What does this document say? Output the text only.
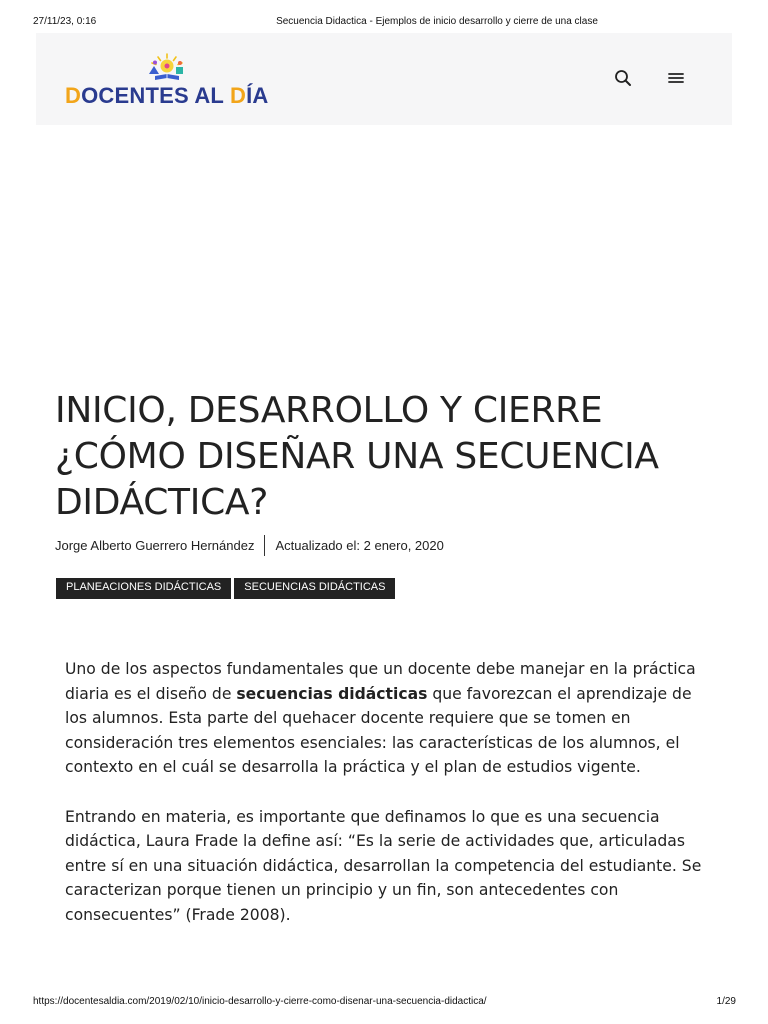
27/11/23, 0:16	Secuencia Didactica - Ejemplos de inicio desarrollo y cierre de una clase
DOCENTES AL DÍA
INICIO, DESARROLLO Y CIERRE ¿CÓMO DISEÑAR UNA SECUENCIA DIDÁCTICA?
Jorge Alberto Guerrero Hernández Actualizado el: 2 enero, 2020
PLANEACIONES DIDÁCTICAS SECUENCIAS DIDÁCTICAS

Uno de los aspectos fundamentales que un docente debe manejar en la práctica diaria es el diseño de secuencias didácticas que favorezcan el aprendizaje de los alumnos. Esta parte del quehacer docente requiere que se tomen en consideración tres elementos esenciales: las características de los alumnos, el contexto en el cuál se desarrolla la práctica y el plan de estudios vigente.

Entrando en materia, es importante que definamos lo que es una secuencia didáctica, Laura Frade la define así: “Es la serie de actividades que, articuladas entre sí en una situación didáctica, desarrollan la competencia del estudiante. Se caracterizan porque tienen un principio y un fin, son antecedentes con consecuentes” (Frade 2008).

https://docentesaldia.com/2019/02/10/inicio-desarrollo-y-cierre-como-disenar-una-secuencia-didactica/	1/29
